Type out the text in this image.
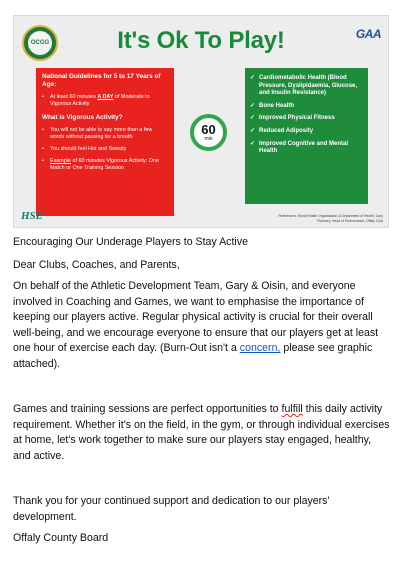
OCGG	It's Ok To Play!	GAA
National Guidelines for 5 to 17 Years of Age:
• At least 60 minutes A DAY of Moderate to Vigorous Activity
What is Vigorous Activity?
• You will not be able to say more than a few words without pausing for a breath
• You should feel Hot and Sweaty
• Example of 60 minutes Vigorous Activity: One Match or One Training Session
60
min
✓ Cardiometabolic Health (Blood Pressure, Dyslipidaemia, Glucose, and Insulin Resistance)
✓ Bone Health
✓ Improved Physical Fitness
✓ Reduced Adiposity
✓ Improved Cognitive and Mental Health
HSE	References: World Health Organisation & Department of Health. Gary Flannery, Head of Performance, Offaly GAA

Encouraging Our Underage Players to Stay Active

Dear Clubs, Coaches, and Parents,

On behalf of the Athletic Development Team, Gary & Oisin, and everyone involved in Coaching and Games, we want to emphasise the importance of keeping our players active. Regular physical activity is crucial for their overall well-being, and we encourage everyone to ensure that our players get at least one hour of exercise each day. (Burn-Out isn't a concern, please see graphic attached).

Games and training sessions are perfect opportunities to fulfill this daily activity requirement. Whether it's on the field, in the gym, or through individual exercises at home, let's work together to make sure our players stay engaged, healthy, and active.

Thank you for your continued support and dedication to our players' development.

Offaly County Board
